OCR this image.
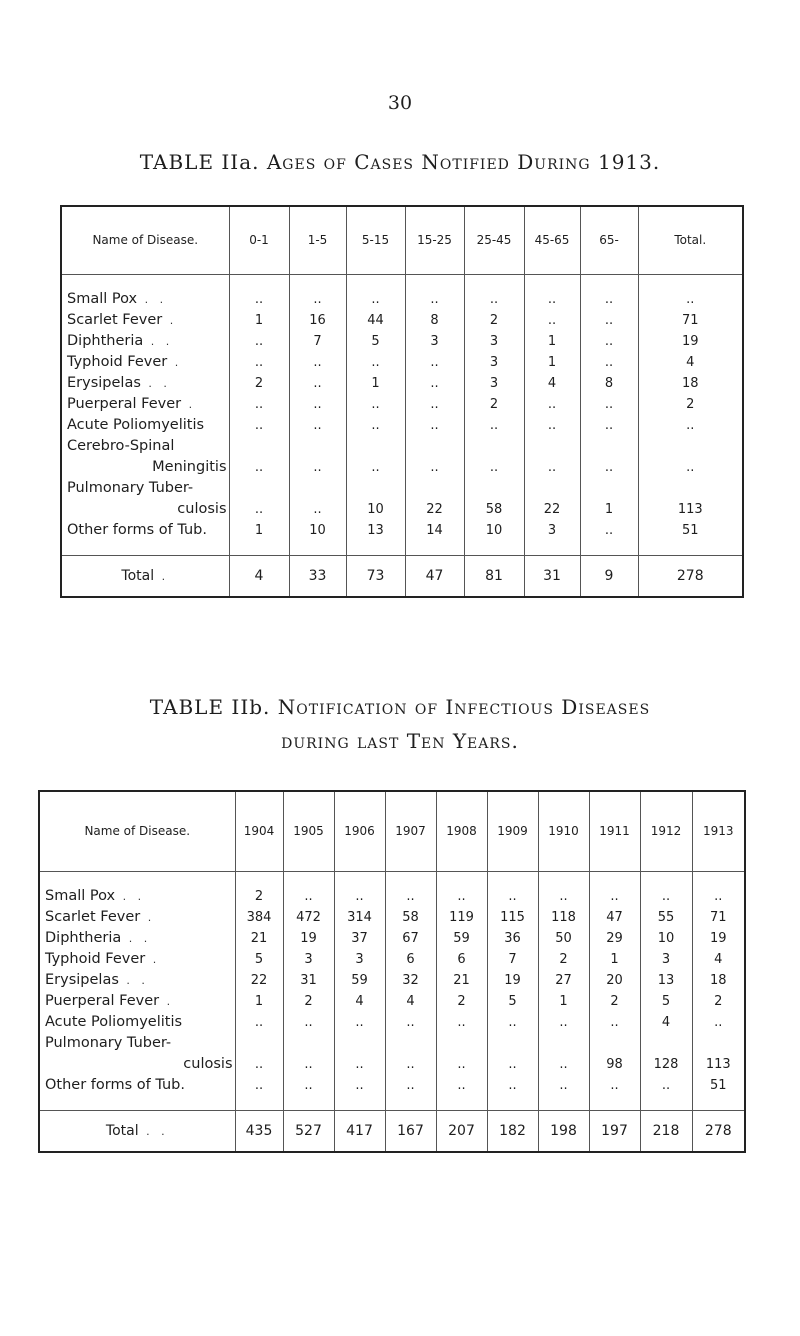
30
TABLE IIa. Ages of Cases Notified During 1913.
Name of Disease.	0-1	1-5	5-15	15-25	25-45	45-65	65-	Total.

Small Pox . .	..	..	..	..	..	..	..	..

Scarlet Fever .	1	16	44	8	2	..	..	71

Diphtheria . .	..	7	5	3	3	1	..	19

Typhoid Fever .	..	..	..	..	3	1	..	4

Erysipelas . .	2	..	1	..	3	4	8	18

Puerperal Fever .	..	..	..	..	2	..	..	2

Acute Poliomyelitis	..	..	..	..	..	..	..	..

Cerebro-Spinal
Meningitis	..	..	..	..	..	..	..	..

Pulmonary Tuber-
culosis	..	..	10	22	58	22	1	113

Other forms of Tub.	1	10	13	14	10	3	..	51

Total .	4	33	73	47	81	31	9	278
TABLE IIb. Notification of Infectious Diseases
during last Ten Years.
Name of Disease.	1904	1905	1906	1907	1908	1909	1910	1911	1912	1913

Small Pox . .	2	..	..	..	..	..	..	..	..	..

Scarlet Fever .	384	472	314	58	119	115	118	47	55	71

Diphtheria . .	21	19	37	67	59	36	50	29	10	19

Typhoid Fever .	5	3	3	6	6	7	2	1	3	4

Erysipelas . .	22	31	59	32	21	19	27	20	13	18

Puerperal Fever .	1	2	4	4	2	5	1	2	5	2

Acute Poliomyelitis	..	..	..	..	..	..	..	..	4	..

Pulmonary Tuber-
culosis	..	..	..	..	..	..	..	98	128	113

Other forms of Tub.	..	..	..	..	..	..	..	..	..	51

Total . .	435	527	417	167	207	182	198	197	218	278
